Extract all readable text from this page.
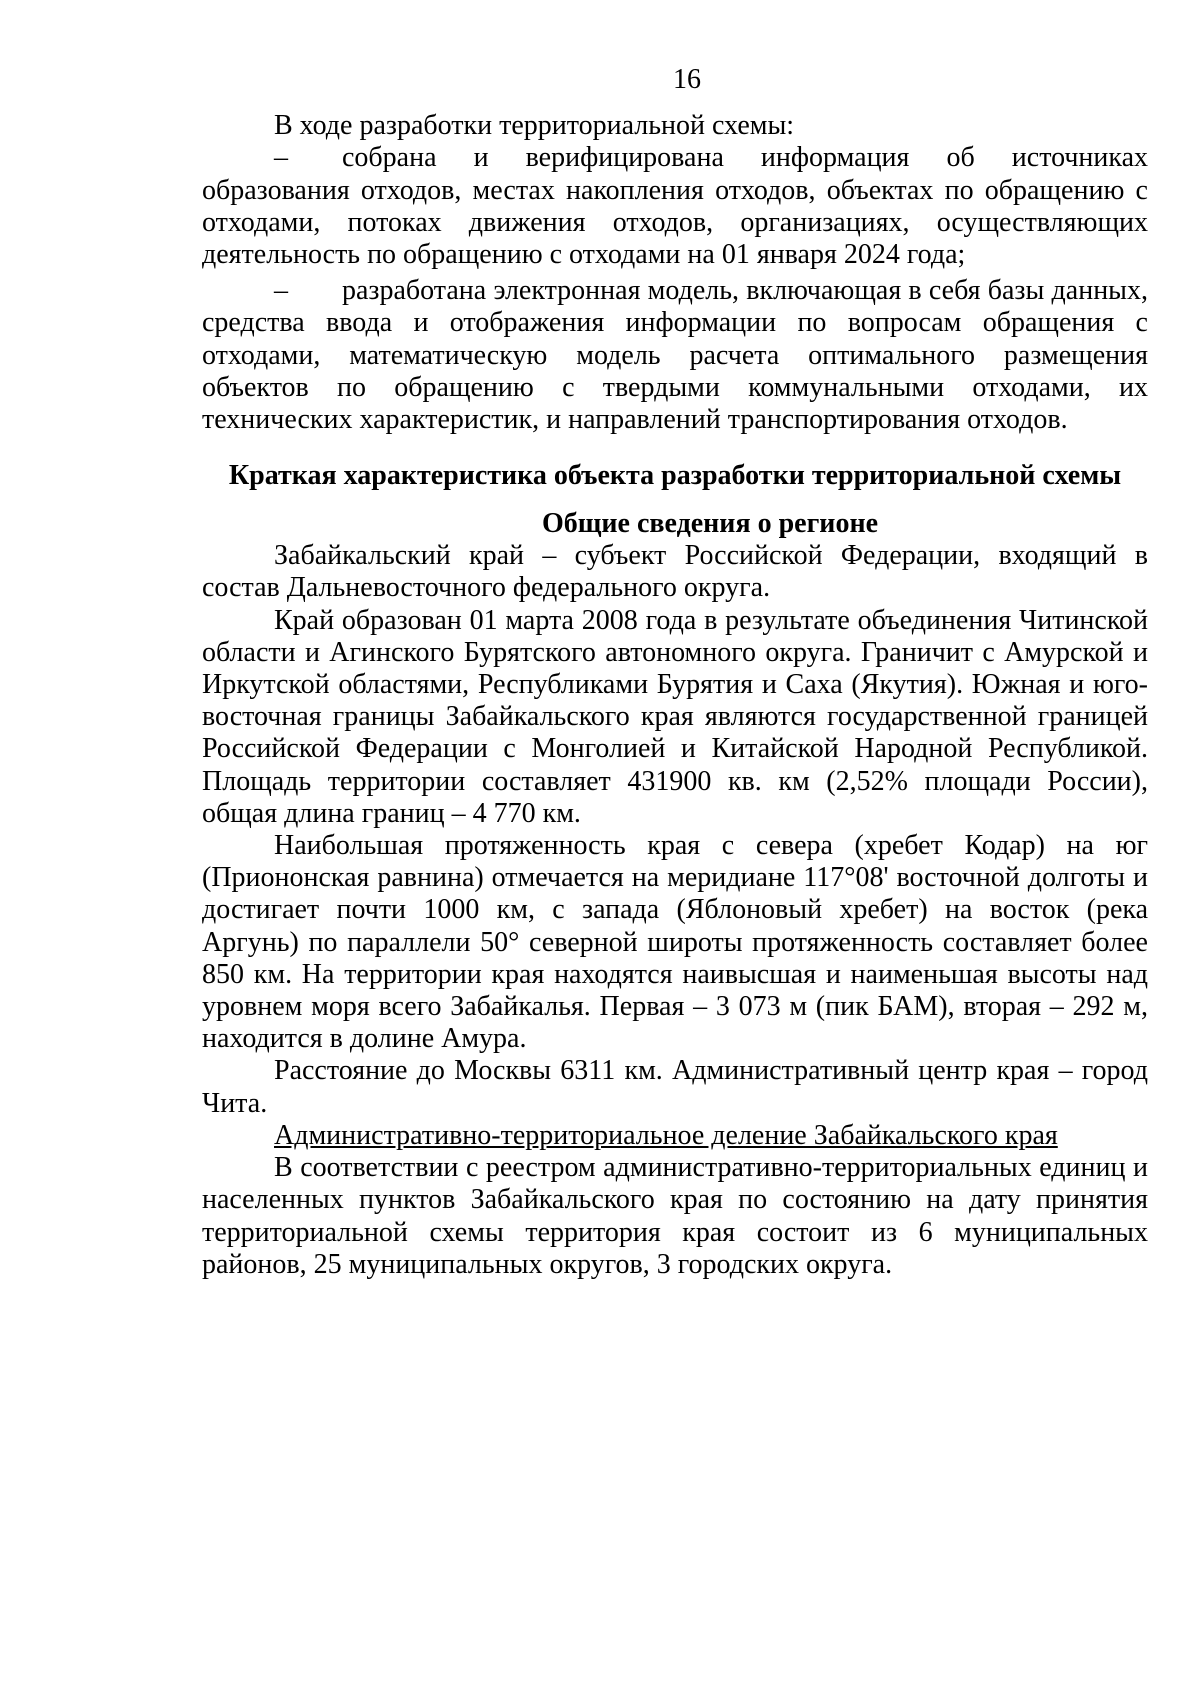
16

В ходе разработки территориальной схемы:

– собрана и верифицирована информация об источниках образования отходов, местах накопления отходов, объектах по обращению с отходами, потоках движения отходов, организациях, осуществляющих деятельность по обращению с отходами на 01 января 2024 года;

– разработана электронная модель, включающая в себя базы данных, средства ввода и отображения информации по вопросам обращения с отходами, математическую модель расчета оптимального размещения объектов по обращению с твердыми коммунальными отходами, их технических характеристик, и направлений транспортирования отходов.

Краткая характеристика объекта разработки территориальной схемы
Общие сведения о регионе

Забайкальский край – субъект Российской Федерации, входящий в состав Дальневосточного федерального округа.

Край образован 01 марта 2008 года в результате объединения Читинской области и Агинского Бурятского автономного округа. Граничит с Амурской и Иркутской областями, Республиками Бурятия и Саха (Якутия). Южная и юго-восточная границы Забайкальского края являются государственной границей Российской Федерации с Монголией и Китайской Народной Республикой. Площадь территории составляет 431900 кв. км (2,52% площади России), общая длина границ – 4 770 км.

Наибольшая протяженность края с севера (хребет Кодар) на юг (Приононская равнина) отмечается на меридиане 117°08' восточной долготы и достигает почти 1000 км, с запада (Яблоновый хребет) на восток (река Аргунь) по параллели 50° северной широты протяженность составляет более 850 км. На территории края находятся наивысшая и наименьшая высоты над уровнем моря всего Забайкалья. Первая – 3 073 м (пик БАМ), вторая – 292 м, находится в долине Амура.

Расстояние до Москвы 6311 км. Административный центр края – город Чита.

Административно-территориальное деление Забайкальского края

В соответствии с реестром административно-территориальных единиц и населенных пунктов Забайкальского края по состоянию на дату принятия территориальной схемы территория края состоит из 6 муниципальных районов, 25 муниципальных округов, 3 городских округа.
